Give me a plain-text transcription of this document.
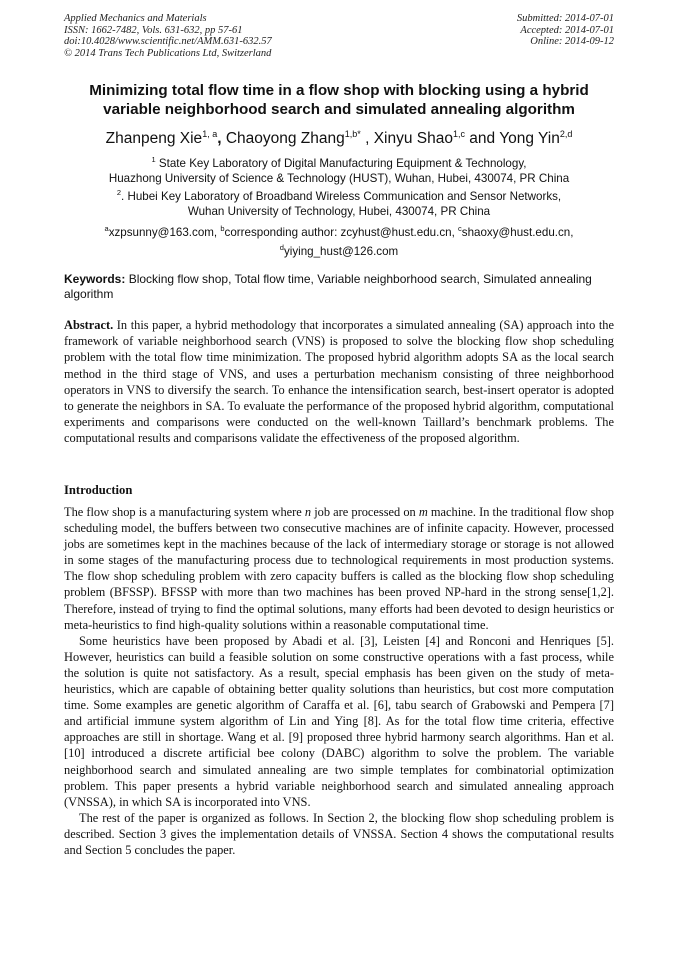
Applied Mechanics and Materials
ISSN: 1662-7482, Vols. 631-632, pp 57-61
doi:10.4028/www.scientific.net/AMM.631-632.57
© 2014 Trans Tech Publications Ltd, Switzerland
Submitted: 2014-07-01
Accepted: 2014-07-01
Online: 2014-09-12
Minimizing total flow time in a flow shop with blocking using a hybrid variable neighborhood search and simulated annealing algorithm
Zhanpeng Xie$^{1, a}$, Chaoyong Zhang$^{1,b*}$ , Xinyu Shao$^{1,c}$ and Yong Yin$^{2,d}$
$^1$ State Key Laboratory of Digital Manufacturing Equipment & Technology,
Huazhong University of Science & Technology (HUST), Wuhan, Hubei, 430074, PR China
$^2$. Hubei Key Laboratory of Broadband Wireless Communication and Sensor Networks,
Wuhan University of Technology, Hubei, 430074, PR China
$^a$xzpsunny@163.com, $^b$corresponding author: zcyhust@hust.edu.cn, $^c$shaoxy@hust.edu.cn,
$^d$yiying_hust@126.com
Keywords: Blocking flow shop, Total flow time, Variable neighborhood search, Simulated annealing algorithm
Abstract. In this paper, a hybrid methodology that incorporates a simulated annealing (SA) approach into the framework of variable neighborhood search (VNS) is proposed to solve the blocking flow shop scheduling problem with the total flow time minimization. The proposed hybrid algorithm adopts SA as the local search method in the third stage of VNS, and uses a perturbation mechanism consisting of three neighborhood operators in VNS to diversify the search. To enhance the intensification search, best-insert operator is adopted to generate the neighbors in SA. To evaluate the performance of the proposed hybrid algorithm, computational experiments and comparisons were conducted on the well-known Taillard’s benchmark problems. The computational results and comparisons validate the effectiveness of the proposed algorithm.
Introduction

The flow shop is a manufacturing system where n job are processed on m machine. In the traditional flow shop scheduling model, the buffers between two consecutive machines are of infinite capacity. However, processed jobs are sometimes kept in the machines because of the lack of intermediary storage or storage is not allowed in some stages of the manufacturing process due to technological requirements in most production systems. The flow shop scheduling problem with zero capacity buffers is called as the blocking flow shop scheduling problem (BFSSP). BFSSP with more than two machines has been proved NP-hard in the strong sense[1,2]. Therefore, instead of trying to find the optimal solutions, many efforts had been devoted to design heuristics or meta-heuristics to find high-quality solutions within a reasonable computational time.

Some heuristics have been proposed by Abadi et al. [3], Leisten [4] and Ronconi and Henriques [5]. However, heuristics can build a feasible solution on some constructive operations with a fast process, while the solution is quite not satisfactory. As a result, special emphasis has been given on the study of meta-heuristics, which are capable of obtaining better quality solutions than heuristics, but cost more computation time. Some examples are genetic algorithm of Caraffa et al. [6], tabu search of Grabowski and Pempera [7] and artificial immune system algorithm of Lin and Ying [8]. As for the total flow time criteria, effective approaches are still in shortage. Wang et al. [9] proposed three hybrid harmony search algorithms. Han et al. [10] introduced a discrete artificial bee colony (DABC) algorithm to solve the problem. The variable neighborhood search and simulated annealing are two simple templates for combinatorial optimization problem. This paper presents a hybrid variable neighborhood search and simulated annealing approach (VNSSA), in which SA is incorporated into VNS.

The rest of the paper is organized as follows. In Section 2, the blocking flow shop scheduling problem is described. Section 3 gives the implementation details of VNSSA. Section 4 shows the computational results and Section 5 concludes the paper.
